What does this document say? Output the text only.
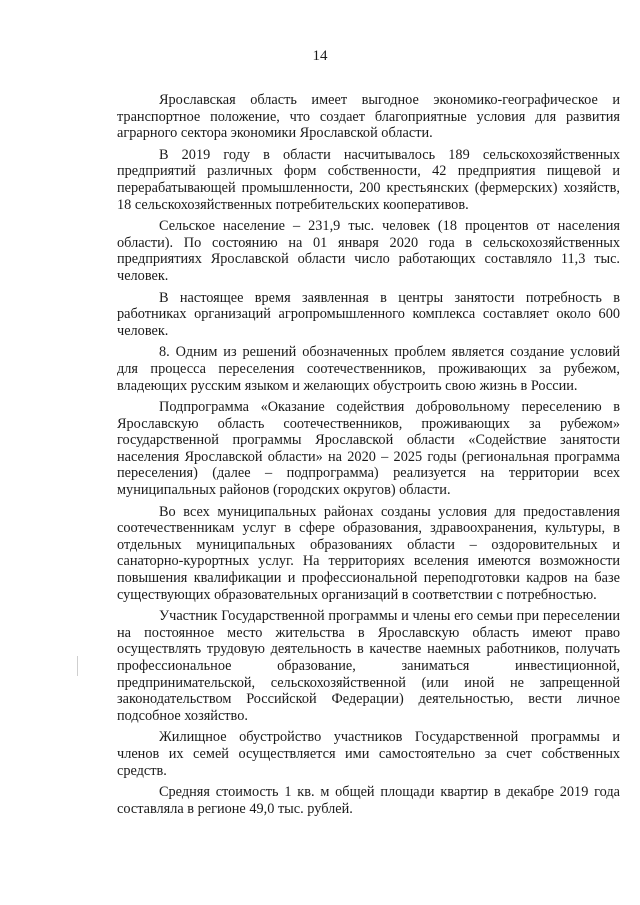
14

Ярославская область имеет выгодное экономико-географическое и транспортное положение, что создает благоприятные условия для развития аграрного сектора экономики Ярославской области.

В 2019 году в области насчитывалось 189 сельскохозяйственных предприятий различных форм собственности, 42 предприятия пищевой и перерабатывающей промышленности, 200 крестьянских (фермерских) хозяйств, 18 сельскохозяйственных потребительских кооперативов.

Сельское население – 231,9 тыс. человек (18 процентов от населения области). По состоянию на 01 января 2020 года в сельскохозяйственных предприятиях Ярославской области число работающих составляло 11,3 тыс. человек.

В настоящее время заявленная в центры занятости потребность в работниках организаций агропромышленного комплекса составляет около 600 человек.

8. Одним из решений обозначенных проблем является создание условий для процесса переселения соотечественников, проживающих за рубежом, владеющих русским языком и желающих обустроить свою жизнь в России.

Подпрограмма «Оказание содействия добровольному переселению в Ярославскую область соотечественников, проживающих за рубежом» государственной программы Ярославской области «Содействие занятости населения Ярославской области» на 2020 – 2025 годы (региональная программа переселения) (далее – подпрограмма) реализуется на территории всех муниципальных районов (городских округов) области.

Во всех муниципальных районах созданы условия для предоставления соотечественникам услуг в сфере образования, здравоохранения, культуры, в отдельных муниципальных образованиях области – оздоровительных и санаторно-курортных услуг. На территориях вселения имеются возможности повышения квалификации и профессиональной переподготовки кадров на базе существующих образовательных организаций в соответствии с потребностью.

Участник Государственной программы и члены его семьи при переселении на постоянное место жительства в Ярославскую область имеют право осуществлять трудовую деятельность в качестве наемных работников, получать профессиональное образование, заниматься инвестиционной, предпринимательской, сельскохозяйственной (или иной не запрещенной законодательством Российской Федерации) деятельностью, вести личное подсобное хозяйство.

Жилищное обустройство участников Государственной программы и членов их семей осуществляется ими самостоятельно за счет собственных средств.

Средняя стоимость 1 кв. м общей площади квартир в декабре 2019 года составляла в регионе 49,0 тыс. рублей.
